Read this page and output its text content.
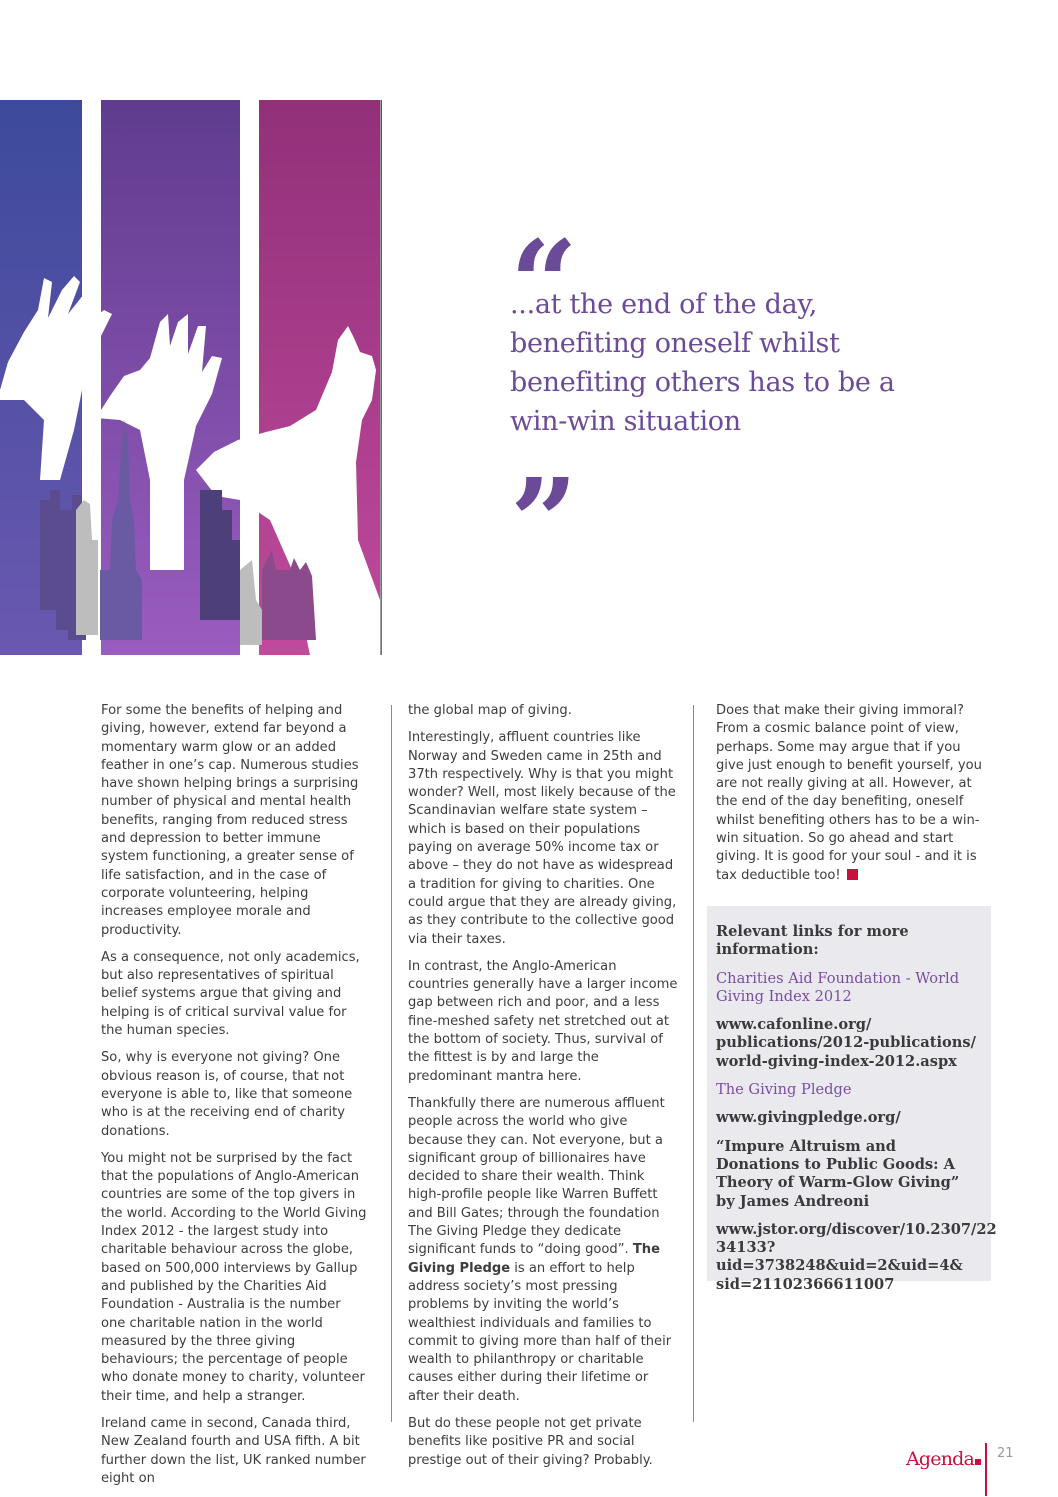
“
...at the end of the day, benefiting oneself whilst benefiting others has to be a win-win situation
”

For some the benefits of helping and giving, however, extend far beyond a momentary warm glow or an added feather in one’s cap. Numerous studies have shown helping brings a surprising number of physical and mental health benefits, ranging from reduced stress and depression to better immune system functioning, a greater sense of life satisfaction, and in the case of corporate volunteering, helping increases employee morale and productivity.

As a consequence, not only academics, but also representatives of spiritual belief systems argue that giving and helping is of critical survival value for the human species.

So, why is everyone not giving? One obvious reason is, of course, that not everyone is able to, like that someone who is at the receiving end of charity donations.

You might not be surprised by the fact that the populations of Anglo-American countries are some of the top givers in the world. According to the World Giving Index 2012 - the largest study into charitable behaviour across the globe, based on 500,000 interviews by Gallup and published by the Charities Aid Foundation - Australia is the number one charitable nation in the world measured by the three giving behaviours; the percentage of people who donate money to charity, volunteer their time, and help a stranger.

Ireland came in second, Canada third, New Zealand fourth and USA fifth. A bit further down the list, UK ranked number eight on

the global map of giving.

Interestingly, affluent countries like Norway and Sweden came in 25th and 37th respectively. Why is that you might wonder? Well, most likely because of the Scandinavian welfare state system – which is based on their populations paying on average 50% income tax or above – they do not have as widespread a tradition for giving to charities. One could argue that they are already giving, as they contribute to the collective good via their taxes.

In contrast, the Anglo-American countries generally have a larger income gap between rich and poor, and a less fine-meshed safety net stretched out at the bottom of society. Thus, survival of the fittest is by and large the predominant mantra here.

Thankfully there are numerous affluent people across the world who give because they can. Not everyone, but a significant group of billionaires have decided to share their wealth. Think high-profile people like Warren Buffett and Bill Gates; through the foundation The Giving Pledge they dedicate significant funds to “doing good”. The Giving Pledge is an effort to help address society’s most pressing problems by inviting the world’s wealthiest individuals and families to commit to giving more than half of their wealth to philanthropy or charitable causes either during their lifetime or after their death.

But do these people not get private benefits like positive PR and social prestige out of their giving? Probably.

Does that make their giving immoral? From a cosmic balance point of view, perhaps. Some may argue that if you give just enough to benefit yourself, you are not really giving at all. However, at the end of the day benefiting, oneself whilst benefiting others has to be a win-win situation. So go ahead and start giving. It is good for your soul - and it is tax deductible too!

Relevant links for more information:

Charities Aid Foundation - World Giving Index 2012

www.cafonline.org/ publications/2012-publications/ world-giving-index-2012.aspx

The Giving Pledge

www.givingpledge.org/

“Impure Altruism and Donations to Public Goods: A Theory of Warm-Glow Giving” by James Andreoni

www.jstor.org/discover/10.2307/22 34133?uid=3738248&uid=2&uid=4& sid=21102366611007

Agenda	21
